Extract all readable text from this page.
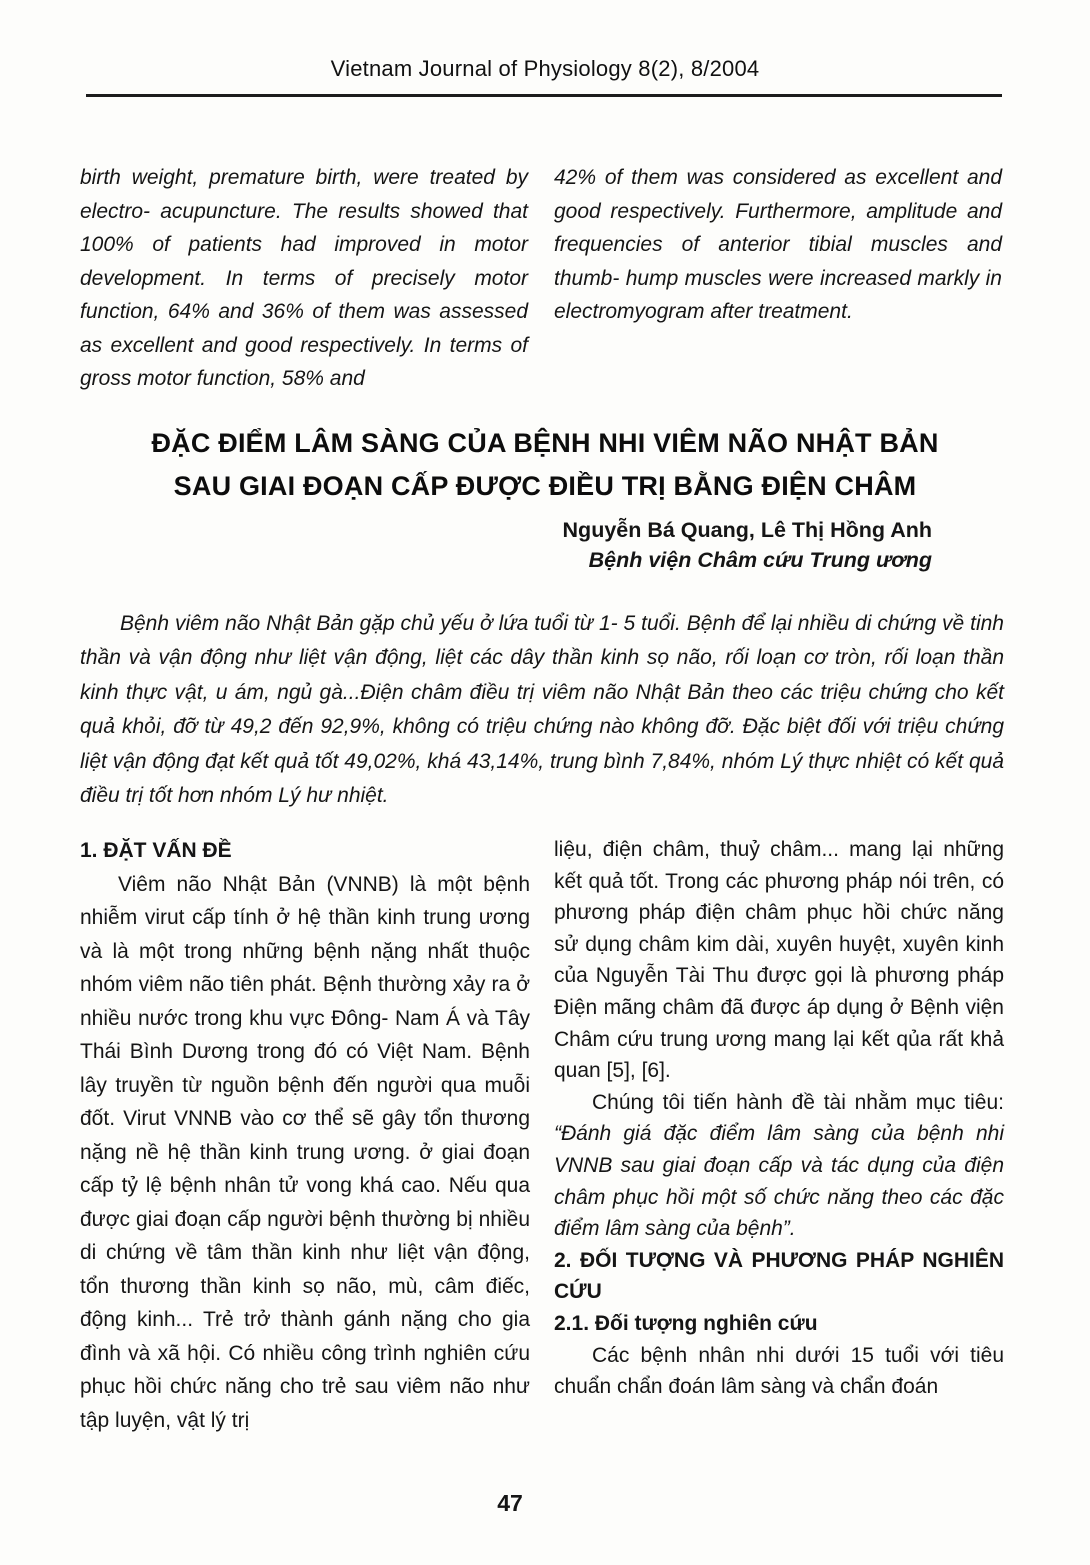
Vietnam Journal of Physiology 8(2), 8/2004
birth weight, premature birth, were treated by electro- acupuncture. The results showed that 100% of patients had improved in motor development. In terms of precisely motor function, 64% and 36% of them was assessed as excellent and good respectively. In terms of gross motor function, 58% and
42% of them was considered as excellent and good respectively. Furthermore, amplitude and frequencies of anterior tibial muscles and thumb- hump muscles were increased markly in electromyogram after treatment.
ĐẶC ĐIỂM LÂM SÀNG CỦA BỆNH NHI VIÊM NÃO NHẬT BẢN
SAU GIAI ĐOẠN CẤP ĐƯỢC ĐIỀU TRỊ BẰNG ĐIỆN CHÂM
Nguyễn Bá Quang, Lê Thị Hồng Anh
Bệnh viện Châm cứu Trung ương

Bệnh viêm não Nhật Bản gặp chủ yếu ở lứa tuổi từ 1- 5 tuổi. Bệnh để lại nhiều di chứng về tinh thần và vận động như liệt vận động, liệt các dây thần kinh sọ não, rối loạn cơ tròn, rối loạn thần kinh thực vật, u ám, ngủ gà...Điện châm điều trị viêm não Nhật Bản theo các triệu chứng cho kết quả khỏi, đỡ từ 49,2 đến 92,9%, không có triệu chứng nào không đỡ. Đặc biệt đối với triệu chứng liệt vận động đạt kết quả tốt 49,02%, khá 43,14%, trung bình 7,84%, nhóm Lý thực nhiệt có kết quả điều trị tốt hơn nhóm Lý hư nhiệt.

1. ĐẶT VẤN ĐỀ

Viêm não Nhật Bản (VNNB) là một bệnh nhiễm virut cấp tính ở hệ thần kinh trung ương và là một trong những bệnh nặng nhất thuộc nhóm viêm não tiên phát. Bệnh thường xảy ra ở nhiều nước trong khu vực Đông- Nam Á và Tây Thái Bình Dương trong đó có Việt Nam. Bệnh lây truyền từ nguồn bệnh đến người qua muỗi đốt. Virut VNNB vào cơ thể sẽ gây tổn thương nặng nề hệ thần kinh trung ương. ở giai đoạn cấp tỷ lệ bệnh nhân tử vong khá cao. Nếu qua được giai đoạn cấp người bệnh thường bị nhiều di chứng về tâm thần kinh như liệt vận động, tổn thương thần kinh sọ não, mù, câm điếc, động kinh... Trẻ trở thành gánh nặng cho gia đình và xã hội. Có nhiều công trình nghiên cứu phục hồi chức năng cho trẻ sau viêm não như tập luyện, vật lý trị

liệu, điện châm, thuỷ châm... mang lại những kết quả tốt. Trong các phương pháp nói trên, có phương pháp điện châm phục hồi chức năng sử dụng châm kim dài, xuyên huyệt, xuyên kinh của Nguyễn Tài Thu được gọi là phương pháp Điện mãng châm đã được áp dụng ở Bệnh viện Châm cứu trung ương mang lại kết qủa rất khả quan [5], [6].

Chúng tôi tiến hành đề tài nhằm mục tiêu: “Đánh giá đặc điểm lâm sàng của bệnh nhi VNNB sau giai đoạn cấp và tác dụng của điện châm phục hồi một số chức năng theo các đặc điểm lâm sàng của bệnh”.

2. ĐỐI TƯỢNG VÀ PHƯƠNG PHÁP NGHIÊN CỨU
2.1. Đối tượng nghiên cứu

Các bệnh nhân nhi dưới 15 tuổi với tiêu chuẩn chẩn đoán lâm sàng và chẩn đoán

47
